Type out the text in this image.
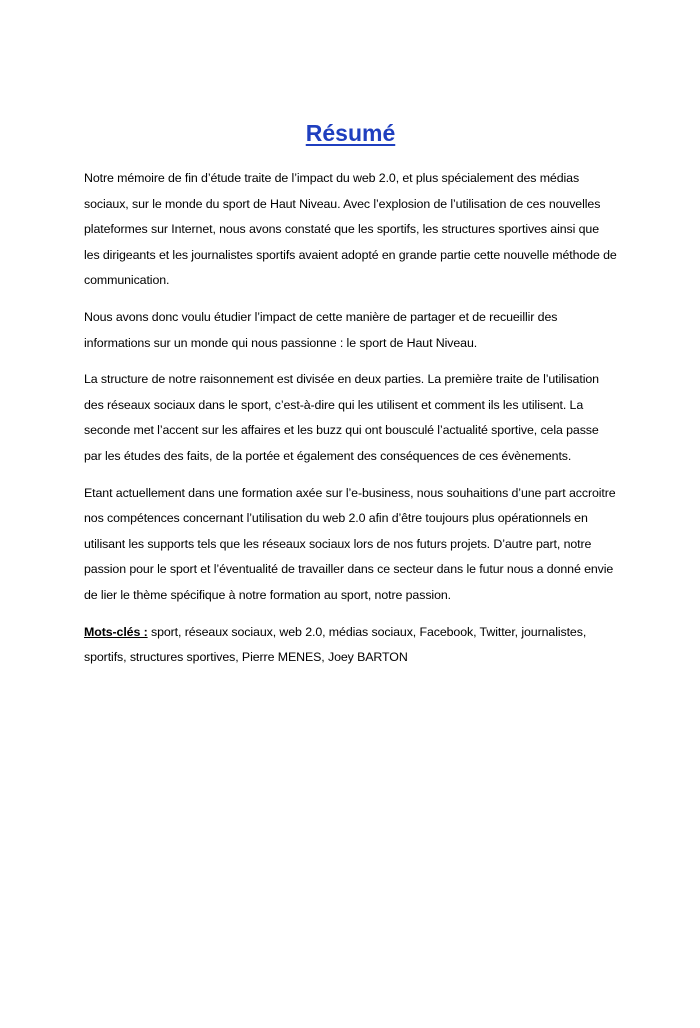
Résumé

Notre mémoire de fin d’étude traite de l’impact du web 2.0, et plus spécialement des médias sociaux, sur le monde du sport de Haut Niveau. Avec l’explosion de l’utilisation de ces nouvelles plateformes sur Internet, nous avons constaté que les sportifs, les structures sportives ainsi que les dirigeants et les journalistes sportifs avaient adopté en grande partie cette nouvelle méthode de communication.

Nous avons donc voulu étudier l’impact de cette manière de partager et de recueillir des informations sur un monde qui nous passionne : le sport de Haut Niveau.

La structure de notre raisonnement est divisée en deux parties. La première traite de l’utilisation des réseaux sociaux dans le sport, c’est-à-dire qui les utilisent et comment ils les utilisent. La seconde met l’accent sur les affaires et les buzz qui ont bousculé l’actualité sportive, cela passe par les études des faits, de la portée et également des conséquences de ces évènements.

Etant actuellement dans une formation axée sur l’e-business, nous souhaitions d’une part accroitre nos compétences concernant l’utilisation du web 2.0 afin d’être toujours plus opérationnels en utilisant les supports tels que les réseaux sociaux lors de nos futurs projets. D’autre part, notre passion pour le sport et l’éventualité de travailler dans ce secteur dans le futur nous a donné envie de lier le thème spécifique à notre formation au sport, notre passion.

Mots-clés : sport, réseaux sociaux, web 2.0, médias sociaux, Facebook, Twitter, journalistes, sportifs, structures sportives, Pierre MENES, Joey BARTON
